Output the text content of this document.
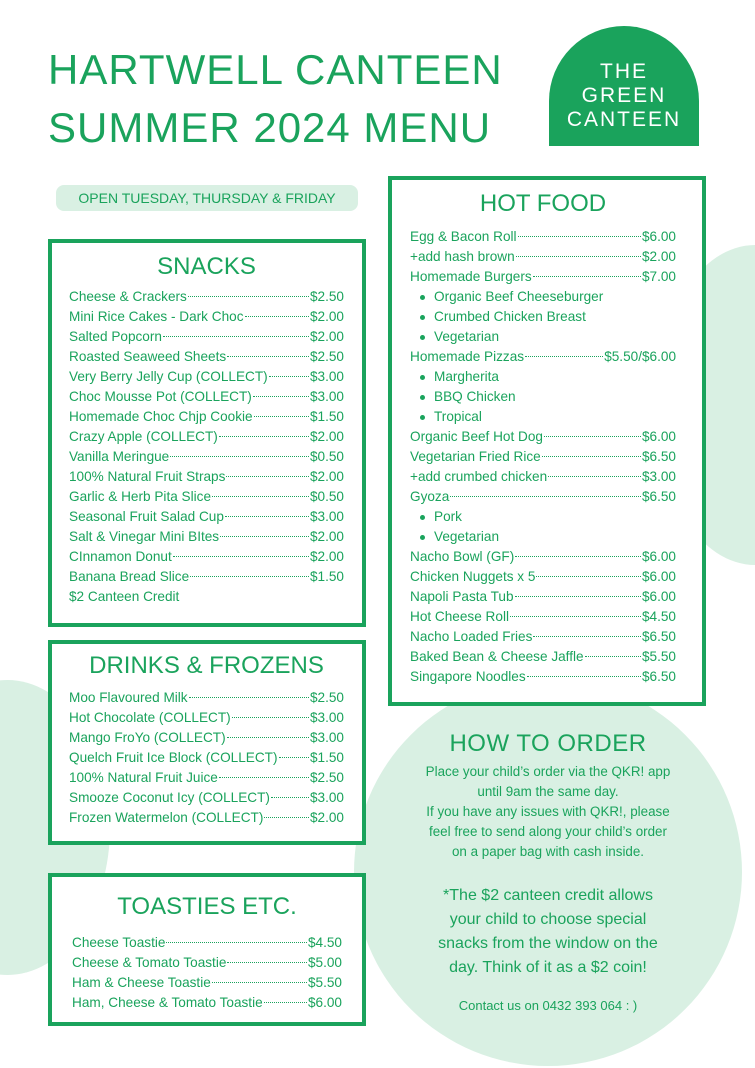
HARTWELL CANTEEN
SUMMER 2024 MENU
THE
GREEN
CANTEEN
OPEN TUESDAY, THURSDAY & FRIDAY
SNACKS
Cheese & Crackers	$2.50
Mini Rice Cakes - Dark Choc	$2.00
Salted Popcorn	$2.00
Roasted Seaweed Sheets	$2.50
Very Berry Jelly Cup (COLLECT)	$3.00
Choc Mousse Pot (COLLECT)	$3.00
Homemade Choc Chjp Cookie	$1.50
Crazy Apple (COLLECT)	$2.00
Vanilla Meringue	$0.50
100% Natural Fruit Straps	$2.00
Garlic & Herb Pita Slice	$0.50
Seasonal Fruit Salad Cup	$3.00
Salt & Vinegar Mini BItes	$2.00
CInnamon Donut	$2.00
Banana Bread Slice	$1.50
$2 Canteen Credit
DRINKS & FROZENS
Moo Flavoured Milk	$2.50
Hot Chocolate (COLLECT)	$3.00
Mango FroYo (COLLECT)	$3.00
Quelch Fruit Ice Block (COLLECT) $1.50
100% Natural Fruit Juice	$2.50
Smooze Coconut Icy (COLLECT)	$3.00
Frozen Watermelon (COLLECT)	$2.00
TOASTIES ETC.
Cheese Toastie	$4.50
Cheese & Tomato Toastie	$5.00
Ham & Cheese Toastie	$5.50
Ham, Cheese & Tomato Toastie	$6.00
HOT FOOD
Egg & Bacon Roll	$6.00
+add hash brown	$2.00
Homemade Burgers	$7.00
Organic Beef Cheeseburger
Crumbed Chicken Breast
Vegetarian
Homemade Pizzas	$5.50/$6.00
Margherita
BBQ Chicken
Tropical
Organic Beef Hot Dog	$6.00
Vegetarian Fried Rice	$6.50
+add crumbed chicken	$3.00
Gyoza	$6.50
Pork
Vegetarian
Nacho Bowl (GF)	$6.00
Chicken Nuggets x 5	$6.00
Napoli Pasta Tub	$6.00
Hot Cheese Roll	$4.50
Nacho Loaded Fries	$6.50
Baked Bean & Cheese Jaffle	$5.50
Singapore Noodles	$6.50
HOW TO ORDER
Place your child’s order via the QKR! app
until 9am the same day.
If you have any issues with QKR!, please
feel free to send along your child’s order
on a paper bag with cash inside.
*The $2 canteen credit allows
your child to choose special
snacks from the window on the
day. Think of it as a $2 coin!
Contact us on 0432 393 064 : )
